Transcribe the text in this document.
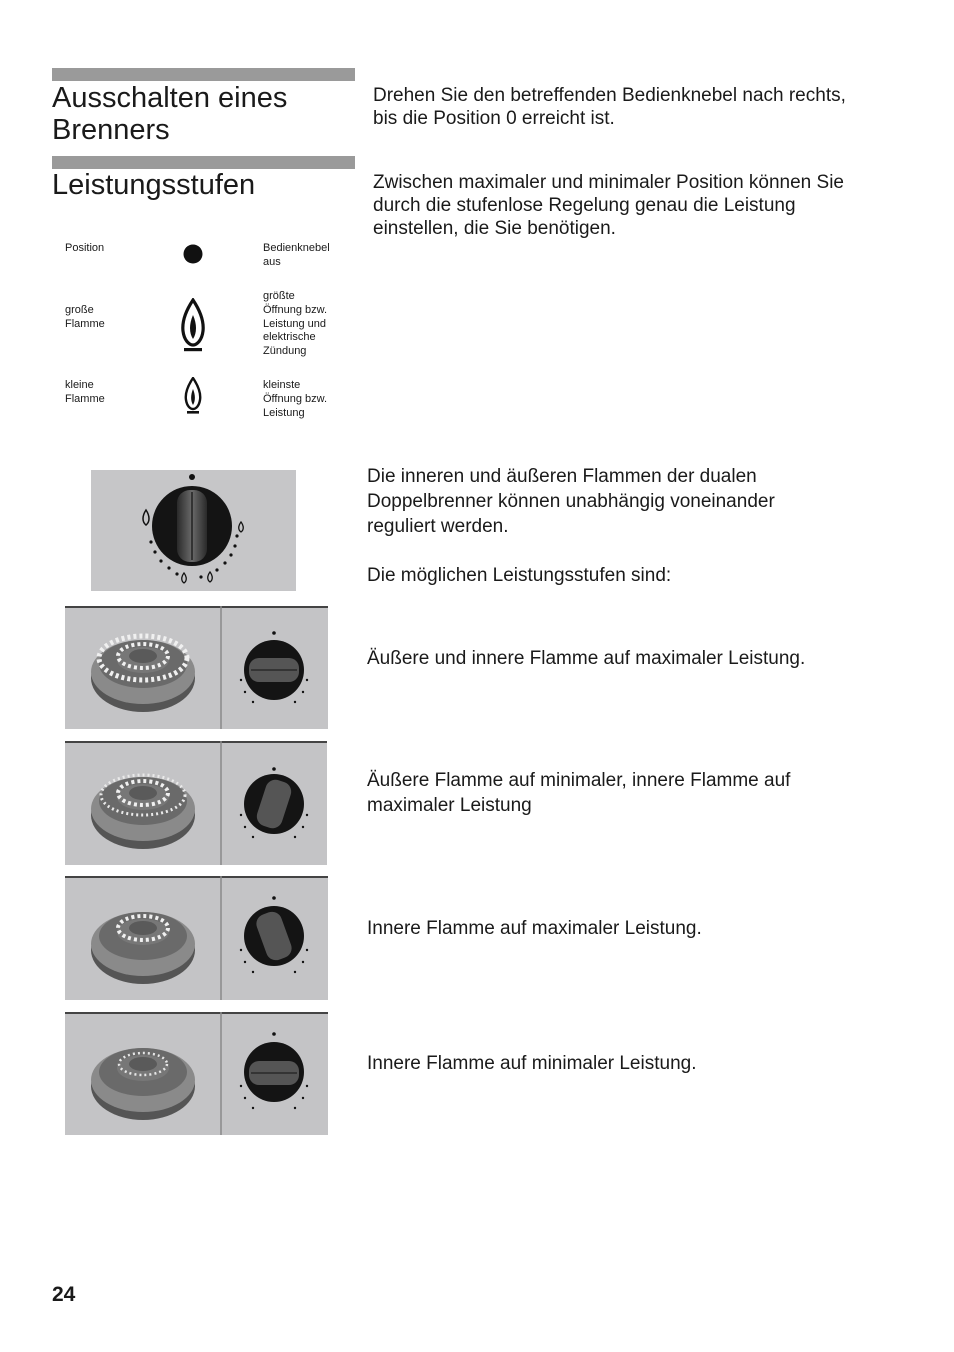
Ausschalten eines
Brenners
Drehen Sie den betreffenden Bedienknebel nach rechts,
bis die Position 0 erreicht ist.
Leistungsstufen	Zwischen maximaler und minimaler Position können Sie
durch die stufenlose Regelung genau die Leistung
einstellen, die Sie benötigen.
Position	Bedienknebel
aus
große
Flamme
größte
Öffnung bzw.
Leistung und
elektrische
Zündung
kleine
Flamme
kleinste
Öffnung bzw.
Leistung
Die inneren und äußeren Flammen der dualen
Doppelbrenner können unabhängig voneinander
reguliert werden.
Die möglichen Leistungsstufen sind:
Äußere und innere Flamme auf maximaler Leistung.
Äußere Flamme auf minimaler, innere Flamme auf
maximaler Leistung
Innere Flamme auf maximaler Leistung.
Innere Flamme auf minimaler Leistung.
24
